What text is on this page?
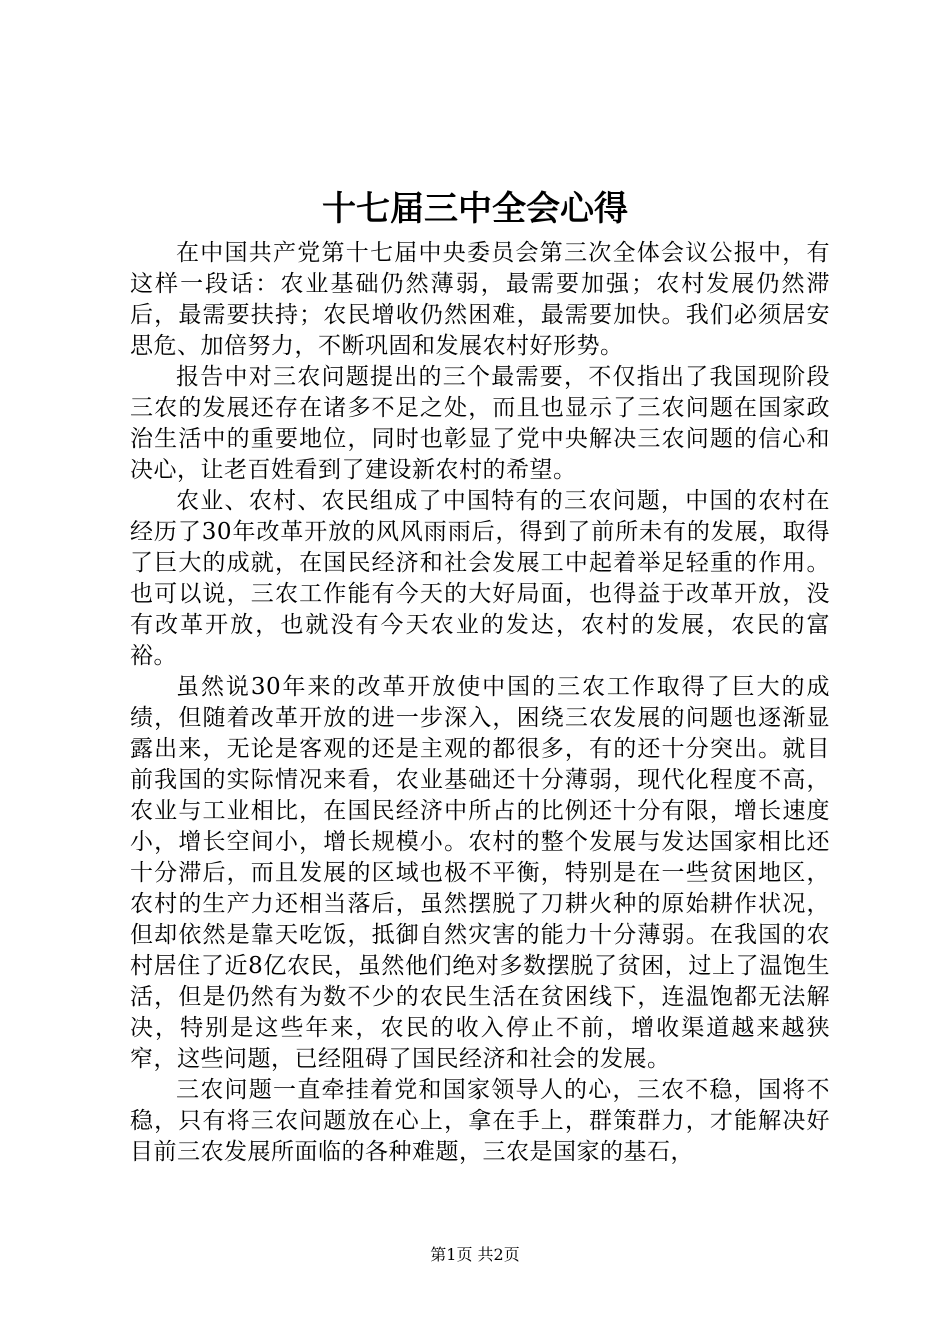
十七届三中全会心得

在中国共产党第十七届中央委员会第三次全体会议公报中，有这样一段话：农业基础仍然薄弱，最需要加强；农村发展仍然滞后，最需要扶持；农民增收仍然困难，最需要加快。我们必须居安思危、加倍努力，不断巩固和发展农村好形势。

报告中对三农问题提出的三个最需要，不仅指出了我国现阶段三农的发展还存在诸多不足之处，而且也显示了三农问题在国家政治生活中的重要地位，同时也彰显了党中央解决三农问题的信心和决心，让老百姓看到了建设新农村的希望。

农业、农村、农民组成了中国特有的三农问题，中国的农村在经历了30年改革开放的风风雨雨后，得到了前所未有的发展，取得了巨大的成就，在国民经济和社会发展工中起着举足轻重的作用。也可以说，三农工作能有今天的大好局面，也得益于改革开放，没有改革开放，也就没有今天农业的发达，农村的发展，农民的富裕。

虽然说30年来的改革开放使中国的三农工作取得了巨大的成绩，但随着改革开放的进一步深入，困绕三农发展的问题也逐渐显露出来，无论是客观的还是主观的都很多，有的还十分突出。就目前我国的实际情况来看，农业基础还十分薄弱，现代化程度不高，农业与工业相比，在国民经济中所占的比例还十分有限，增长速度小，增长空间小，增长规模小。农村的整个发展与发达国家相比还十分滞后，而且发展的区域也极不平衡，特别是在一些贫困地区，农村的生产力还相当落后，虽然摆脱了刀耕火种的原始耕作状况，但却依然是靠天吃饭，抵御自然灾害的能力十分薄弱。在我国的农村居住了近8亿农民，虽然他们绝对多数摆脱了贫困，过上了温饱生活，但是仍然有为数不少的农民生活在贫困线下，连温饱都无法解决，特别是这些年来，农民的收入停止不前，增收渠道越来越狭窄，这些问题，已经阻碍了国民经济和社会的发展。

三农问题一直牵挂着党和国家领导人的心，三农不稳，国将不稳，只有将三农问题放在心上，拿在手上，群策群力，才能解决好目前三农发展所面临的各种难题，三农是国家的基石，

第1页 共2页
